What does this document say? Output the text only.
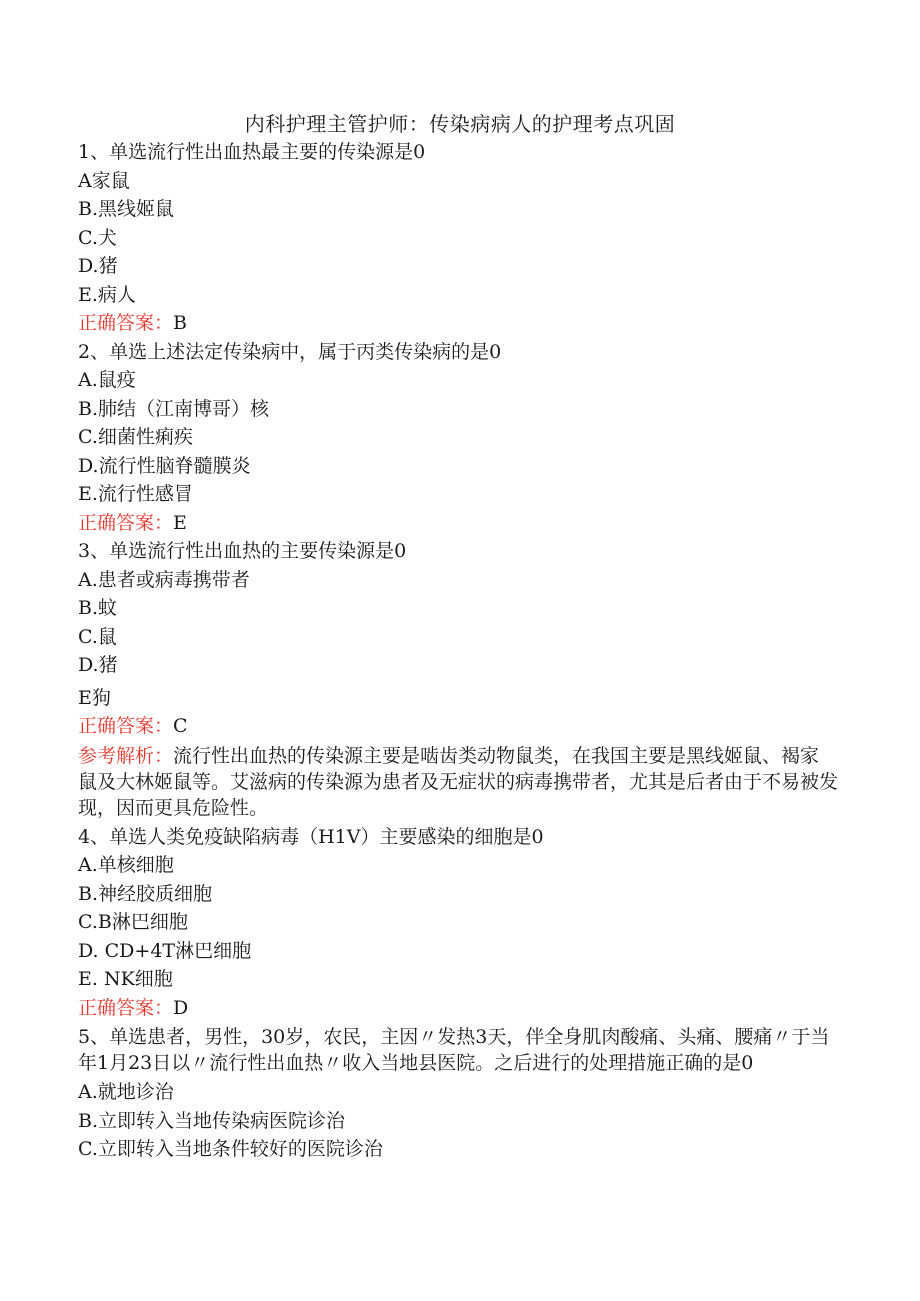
内科护理主管护师：传染病病人的护理考点巩固
1、单选流行性出血热最主要的传染源是0
A家鼠
B.黑线姬鼠
C.犬
D.猪
E.病人
正确答案：B
2、单选上述法定传染病中，属于丙类传染病的是0
A.鼠疫
B.肺结（江南博哥）核
C.细菌性痢疾
D.流行性脑脊髓膜炎
E.流行性感冒
正确答案：E
3、单选流行性出血热的主要传染源是0
A.患者或病毒携带者
B.蚊
C.鼠
D.猪
E狗
正确答案：C
参考解析：流行性出血热的传染源主要是啮齿类动物鼠类，在我国主要是黑线姬鼠、褐家鼠及大林姬鼠等。艾滋病的传染源为患者及无症状的病毒携带者，尤其是后者由于不易被发现，因而更具危险性。
4、单选人类免疫缺陷病毒（H1V）主要感染的细胞是0
A.单核细胞
B.神经胶质细胞
C.B淋巴细胞
D. CD+4T淋巴细胞
E. NK细胞
正确答案：D
5、单选患者，男性，30岁，农民，主因〃发热3天，伴全身肌肉酸痛、头痛、腰痛〃于当年1月23日以〃流行性出血热〃收入当地县医院。之后进行的处理措施正确的是0
A.就地诊治
B.立即转入当地传染病医院诊治
C.立即转入当地条件较好的医院诊治
